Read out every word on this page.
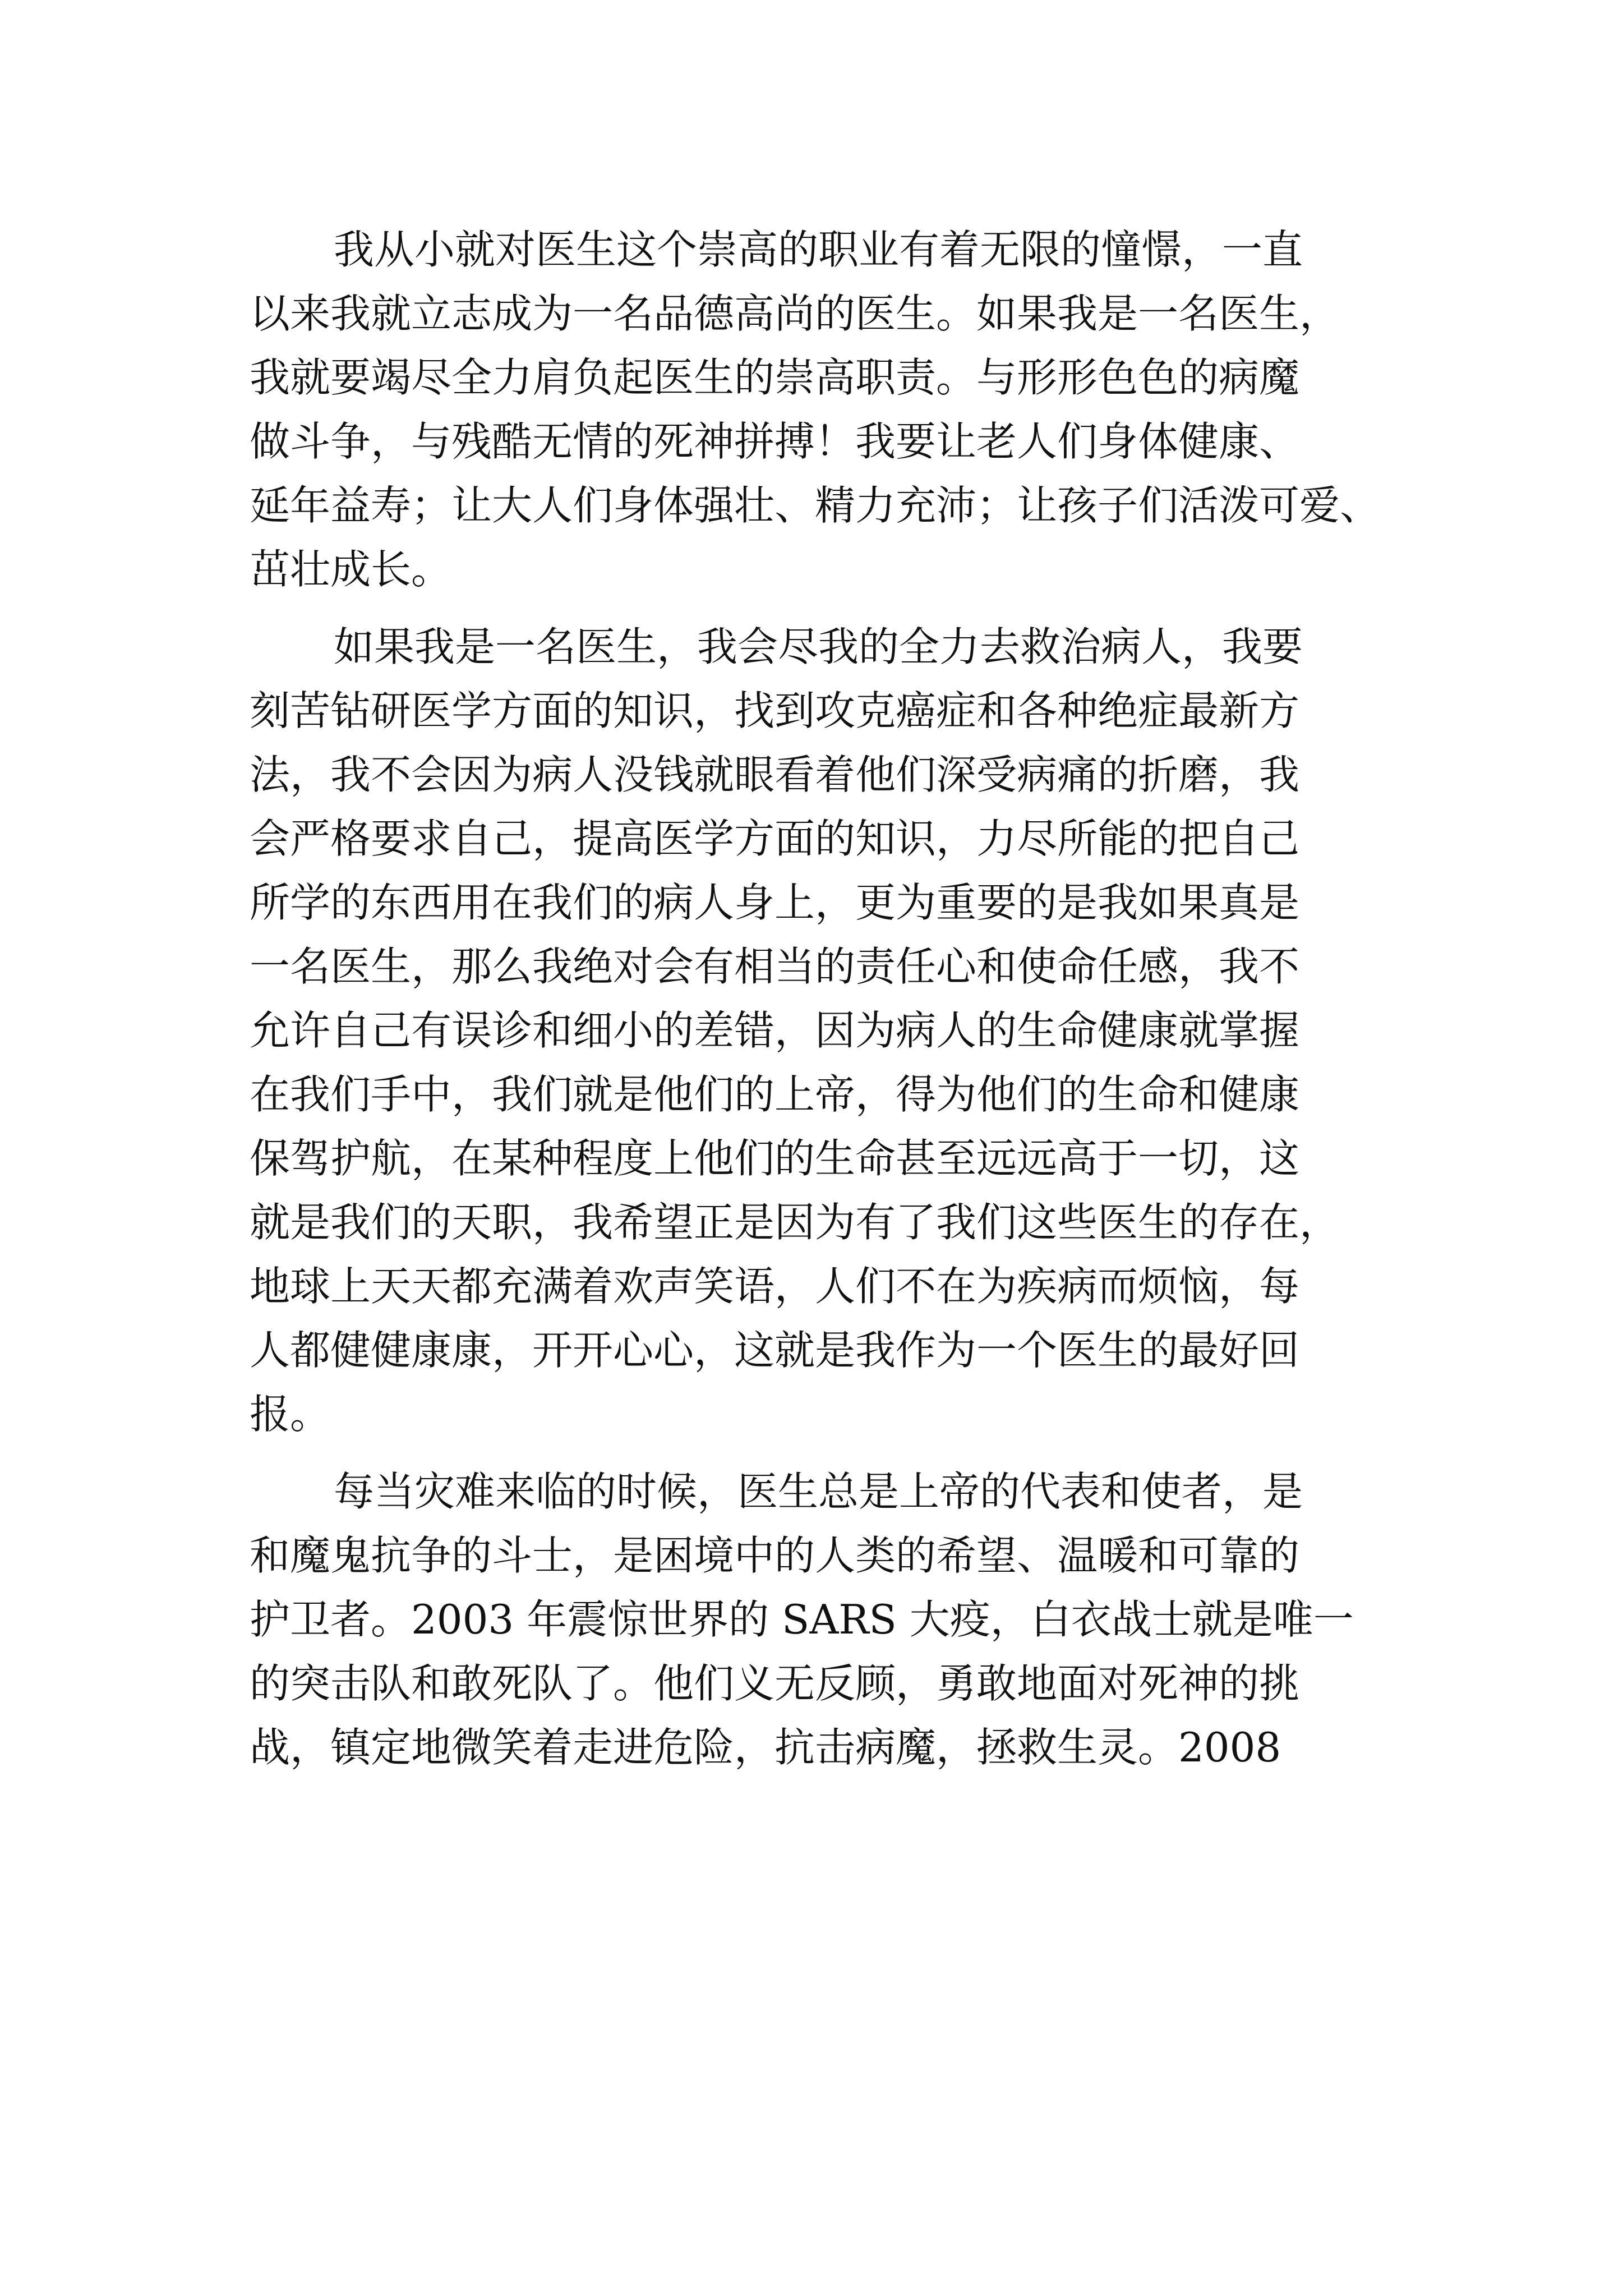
我从小就对医生这个崇高的职业有着无限的憧憬，一直
以来我就立志成为一名品德高尚的医生。如果我是一名医生，
我就要竭尽全力肩负起医生的崇高职责。与形形色色的病魔
做斗争，与残酷无情的死神拼搏！我要让老人们身体健康、
延年益寿；让大人们身体强壮、精力充沛；让孩子们活泼可爱、
茁壮成长。
如果我是一名医生，我会尽我的全力去救治病人，我要
刻苦钻研医学方面的知识，找到攻克癌症和各种绝症最新方
法，我不会因为病人没钱就眼看着他们深受病痛的折磨，我
会严格要求自己，提高医学方面的知识，力尽所能的把自己
所学的东西用在我们的病人身上，更为重要的是我如果真是
一名医生，那么我绝对会有相当的责任心和使命任感，我不
允许自己有误诊和细小的差错，因为病人的生命健康就掌握
在我们手中，我们就是他们的上帝，得为他们的生命和健康
保驾护航，在某种程度上他们的生命甚至远远高于一切，这
就是我们的天职，我希望正是因为有了我们这些医生的存在，
地球上天天都充满着欢声笑语，人们不在为疾病而烦恼，每
人都健健康康，开开心心，这就是我作为一个医生的最好回
报。
每当灾难来临的时候，医生总是上帝的代表和使者，是
和魔鬼抗争的斗士，是困境中的人类的希望、温暖和可靠的
护卫者。2003 年震惊世界的 SARS 大疫，白衣战士就是唯一
的突击队和敢死队了。他们义无反顾，勇敢地面对死神的挑
战，镇定地微笑着走进危险，抗击病魔，拯救生灵。2008
